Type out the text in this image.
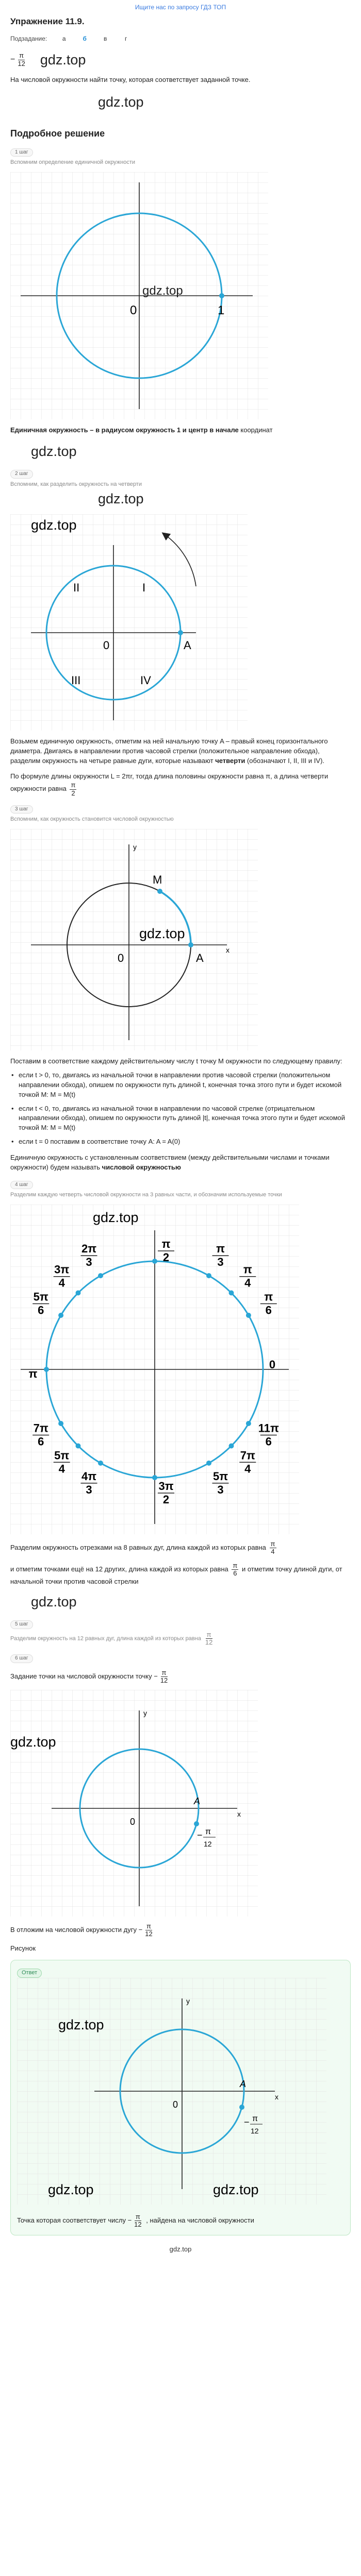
Ищите нас по запросу ГДЗ ТОП
Упражнение 11.9.
Подзадание:	а	б	в	г
− $\frac{\pi}{12} gdz.top$
На числовой окружности найти точку, которая соответствует заданной точке.
gdz.top
Подробное решение
1 шаг
Вспомним определение единичной окружности
0	1
gdz.top
Единичная окружность – в радиусом окружность 1 и центр в начале координат
gdz.top
2 шаг
Вспомним, как разделить окружность на четверти
gdz.top
I
II
III	IV
0	A
gdz.top
Возьмем единичную окружность, отметим на ней начальную точку A – правый конец горизонтального диаметра. Двигаясь в направлении против часовой стрелки (положительное направление обхода), разделим окружность на четыре равные дуги, которые называют четверти (обозначают I, II, III и IV).
По формуле длины окружности L = 2πr, тогда длина половины окружности равна π, а длина четверти окружности равна $\frac{\pi}{2}$
3 шаг
Вспомним, как окружность становится числовой окружностью
M
A
0
x
y
gdz.top
Поставим в соответствие каждому действительному числу t точку M окружности по следующему правилу:
• если t > 0, то, двигаясь из начальной точки в направлении против часовой стрелки (положительном направлении обхода), опишем по окружности путь длиной t, конечная точка этого пути и будет искомой точкой M: M = M(t)
• если t < 0, то, двигаясь из начальной точки в направлении по часовой стрелке (отрицательном направлении обхода), опишем по окружности путь длиной |t|, конечная точка этого пути и будет искомой точкой M: M = M(t)
• если t = 0 поставим в соответствие точку A: A = A(0)
Единичную окружность с установленным соответствием (между действительными числами и точками окружности) будем называть числовой окружностью
4 шаг
Разделим каждую четверть числовой окружности на 3 равных части, и обозначим используемые точки
gdz.top
π
2
2π
3
π
3
3π
4
π
4
5π
6
π
6
π
0
7π
6
11π
6
5π
4
7π
4
4π
3
5π
3
3π
2
Разделим окружность отрезками на 8 равных дуг, длина каждой из которых равна $\frac{\pi}{4}$
и отметим точками ещё на 12 других, длина каждой из которых равна $\frac{\pi}{6}$ и отметим точку длиной дуги, от начальной точки против часовой стрелки
gdz.top
5 шаг
Разделим окружность на 12 равных дуг, длина каждой из которых равна $\frac{\pi}{12}$
6 шаг
Задание точки на числовой окружности точку − $\frac{\pi}{12}$
gdz.top
A
0
x
y
− π
12
В отложим на числовой окружности дугу − $\frac{\pi}{12}$
Рисунок
Ответ
gdz.top
A
0
x
y
− π
12
gdz.top	gdz.top
Точка которая соответствует числу − $\frac{\pi}{12}$ , найдена на числовой окружности
gdz.top
